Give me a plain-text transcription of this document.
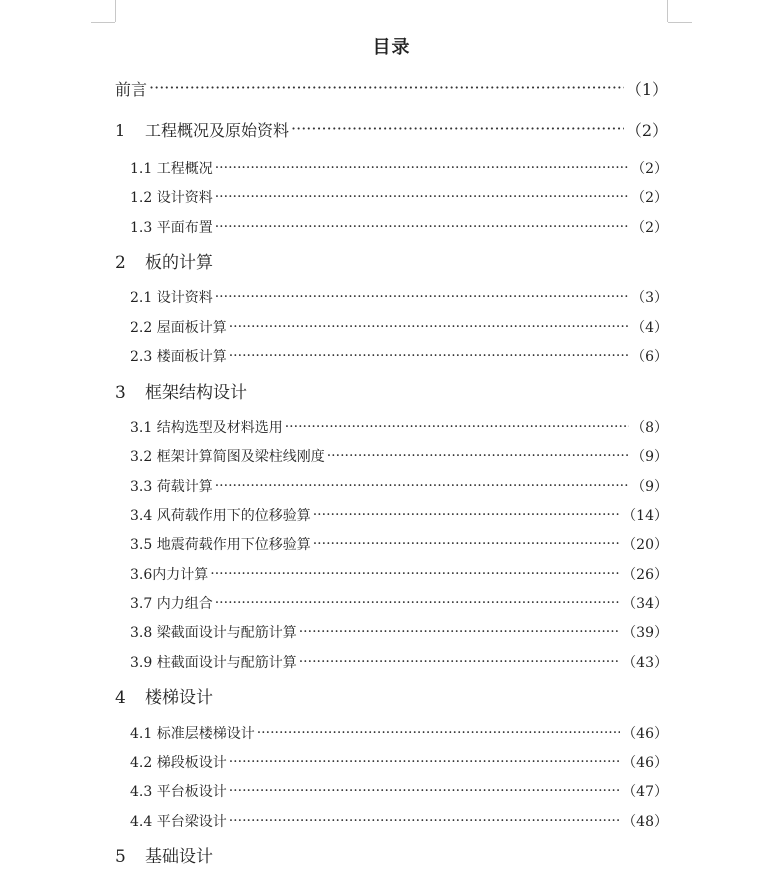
目录
前言 ·····	（1）
1 工程概况及原始资料 ·····	（2）
1.1 工程概况 ·····	（2）
1.2 设计资料 ·····	（2）
1.3 平面布置 ·····	（2）
2 板的计算
2.1 设计资料 ·····	（3）
2.2 屋面板计算 ·····	（4）
2.3 楼面板计算 ·····	（6）
3 框架结构设计
3.1 结构选型及材料选用 ·····	（8）
3.2 框架计算简图及梁柱线刚度 ·····	（9）
3.3 荷载计算 ·····	（9）
3.4 风荷载作用下的位移验算 ·····	（14）
3.5 地震荷载作用下位移验算 ·····	（20）
3.6内力计算 ·····	（26）
3.7 内力组合 ·····	（34）
3.8 梁截面设计与配筋计算 ·····	（39）
3.9 柱截面设计与配筋计算 ·····	（43）
4 楼梯设计
4.1 标准层楼梯设计 ·····	（46）
4.2 梯段板设计 ·····	（46）
4.3 平台板设计 ·····	（47）
4.4 平台梁设计 ·····	（48）
5 基础设计
